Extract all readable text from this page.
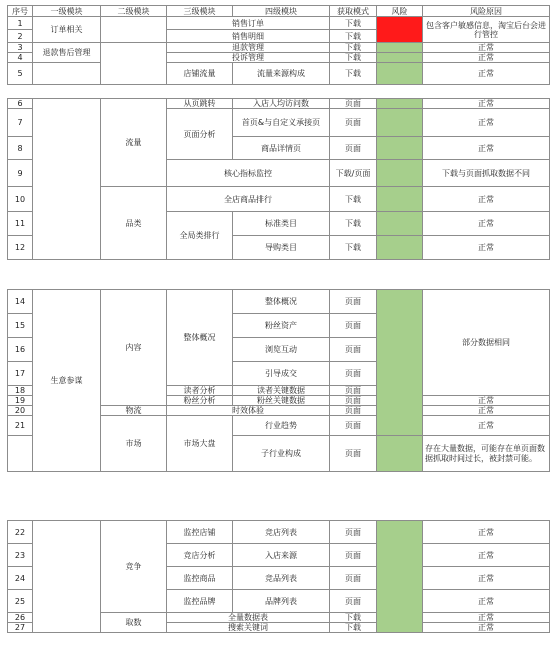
序号	一级模块	二级模块	三级模块	四级模块	获取模式	风险	风险原因
1	订单相关		销售订单		下载		包含客户敏感信息，淘宝后台会进行管控
2			销售明细		下载		
3	退款售后管理		退款管理		下载		正常
4			投诉管理		下载		正常
5			店铺流量	流量来源构成	下载		正常
6		流量	从页跳转	入店人均访问数	页面		正常
7			页面分析	首页&与自定义承接页	页面		正常
8				商品详情页	页面		正常
9			核心指标监控		下载/页面		下载与页面抓取数据不同
10		品类	全店商品排行		下载		正常
11			全局类排行	标准类目	下载		正常
12				导购类目	下载		正常
14	生意参谋	内容	整体概况	整体概况	页面		部分数据相同
15				粉丝资产	页面		
16				浏览互动	页面		
17				引导成交	页面		
18			读者分析	读者关键数据	页面		
19			粉丝分析	粉丝关键数据	页面		正常
20		物流	时效体验		页面		正常
21		市场	市场大盘	行业趋势	页面		正常
				子行业构成	页面		存在大量数据，可能存在单页面数据抓取时间过长，被封禁可能。
22		竞争	监控店铺	竞店列表	页面		正常
23			竞店分析	入店来源	页面		正常
24			监控商品	竞品列表	页面		正常
25			监控品牌	品牌列表	页面		正常
26		取数	全量数据表		下载		正常
27			搜索关键词		下载		正常
